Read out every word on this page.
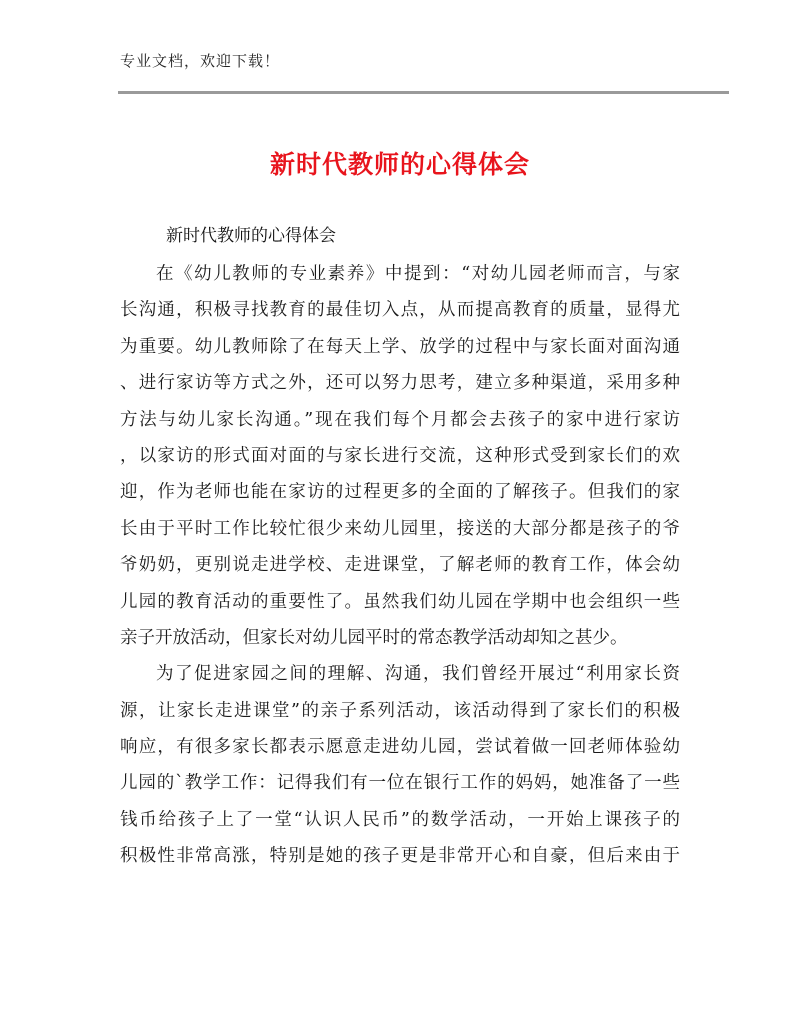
专业文档，欢迎下载！
新时代教师的心得体会
新时代教师的心得体会
在《幼儿教师的专业素养》中提到：“对幼儿园老师而言，与家
长沟通，积极寻找教育的最佳切入点，从而提高教育的质量，显得尤
为重要。幼儿教师除了在每天上学、放学的过程中与家长面对面沟通
、进行家访等方式之外，还可以努力思考，建立多种渠道，采用多种
方法与幼儿家长沟通。”现在我们每个月都会去孩子的家中进行家访
，以家访的形式面对面的与家长进行交流，这种形式受到家长们的欢
迎，作为老师也能在家访的过程更多的全面的了解孩子。但我们的家
长由于平时工作比较忙很少来幼儿园里，接送的大部分都是孩子的爷
爷奶奶，更别说走进学校、走进课堂，了解老师的教育工作，体会幼
儿园的教育活动的重要性了。虽然我们幼儿园在学期中也会组织一些
亲子开放活动，但家长对幼儿园平时的常态教学活动却知之甚少。
为了促进家园之间的理解、沟通，我们曾经开展过“利用家长资
源，让家长走进课堂”的亲子系列活动，该活动得到了家长们的积极
响应，有很多家长都表示愿意走进幼儿园，尝试着做一回老师体验幼
儿园的`教学工作：记得我们有一位在银行工作的妈妈，她准备了一些
钱币给孩子上了一堂“认识人民币”的数学活动，一开始上课孩子的
积极性非常高涨，特别是她的孩子更是非常开心和自豪，但后来由于
